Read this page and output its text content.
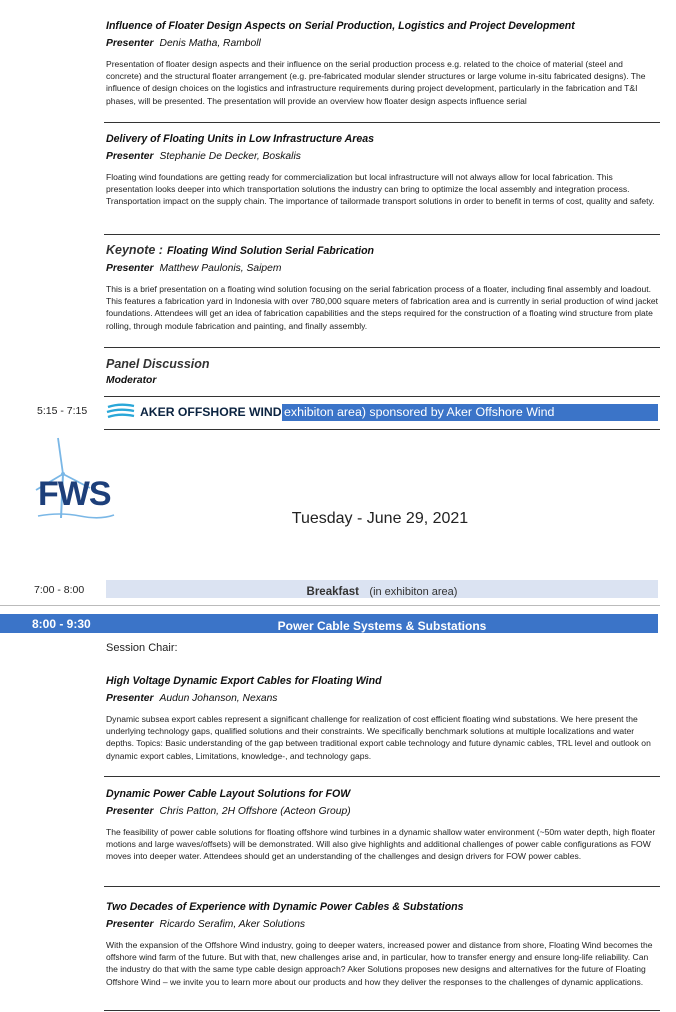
Influence of Floater Design Aspects on Serial Production, Logistics and Project Development
Presenter Denis Matha, Ramboll
Presentation of floater design aspects and their influence on the serial production process e.g. related to the choice of material (steel and concrete) and the structural floater arrangement (e.g. pre-fabricated modular slender structures or large volume in-situ fabricated designs). The influence of design choices on the logistics and infrastructure requirements during project development, particularly in the fabrication and T&I phases, will be presented. The presentation will provide an overview how floater design aspects influence serial
Delivery of Floating Units in Low Infrastructure Areas
Presenter Stephanie De Decker, Boskalis
Floating wind foundations are getting ready for commercialization but local infrastructure will not always allow for local fabrication. This presentation looks deeper into which transportation solutions the industry can bring to optimize the local assembly and integration process. Transportation impact on the supply chain. The importance of tailormade transport solutions in order to benefit in terms of cost, quality and safety.
Keynote : Floating Wind Solution Serial Fabrication
Presenter Matthew Paulonis, Saipem
This is a brief presentation on a floating wind solution focusing on the serial fabrication process of a floater, including final assembly and loadout. This features a fabrication yard in Indonesia with over 780,000 square meters of fabrication area and is currently in serial production of wind jacket foundations. Attendees will get an idea of fabrication capabilities and the steps required for the construction of a floating wind structure from plate rolling, through module fabrication and painting, and finally assembly.
Panel Discussion
Moderator
5:15 - 7:15	AKER OFFSHORE WIND exhibiton area) sponsored by Aker Offshore Wind
FWS
Tuesday - June 29, 2021
7:00 - 8:00	Breakfast (in exhibiton area)
8:00 - 9:30	Power Cable Systems & Substations
Session Chair:
High Voltage Dynamic Export Cables for Floating Wind
Presenter Audun Johanson, Nexans
Dynamic subsea export cables represent a significant challenge for realization of cost efficient floating wind substations. We here present the underlying technology gaps, qualified solutions and their constraints. We specifically benchmark solutions at multiple localizations and water depths. Topics: Basic understanding of the gap between traditional export cable technology and future dynamic cables, TRL level and outlook on dynamic export cables, Limitations, knowledge-, and technology gaps.
Dynamic Power Cable Layout Solutions for FOW
Presenter Chris Patton, 2H Offshore (Acteon Group)
The feasibility of power cable solutions for floating offshore wind turbines in a dynamic shallow water environment (~50m water depth, high floater motions and large waves/offsets) will be demonstrated. Will also give highlights and additional challenges of power cable configurations as FOW moves into deeper water. Attendees should get an understanding of the challenges and design drivers for FOW power cables.
Two Decades of Experience with Dynamic Power Cables & Substations
Presenter Ricardo Serafim, Aker Solutions
With the expansion of the Offshore Wind industry, going to deeper waters, increased power and distance from shore, Floating Wind becomes the offshore wind farm of the future. But with that, new challenges arise and, in particular, how to transfer energy and ensure long-life reliability. Can the industry do that with the same type cable design approach? Aker Solutions proposes new designs and alternatives for the future of Floating Offshore Wind – we invite you to learn more about our products and how they deliver the responses to the challenges of dynamic applications.
